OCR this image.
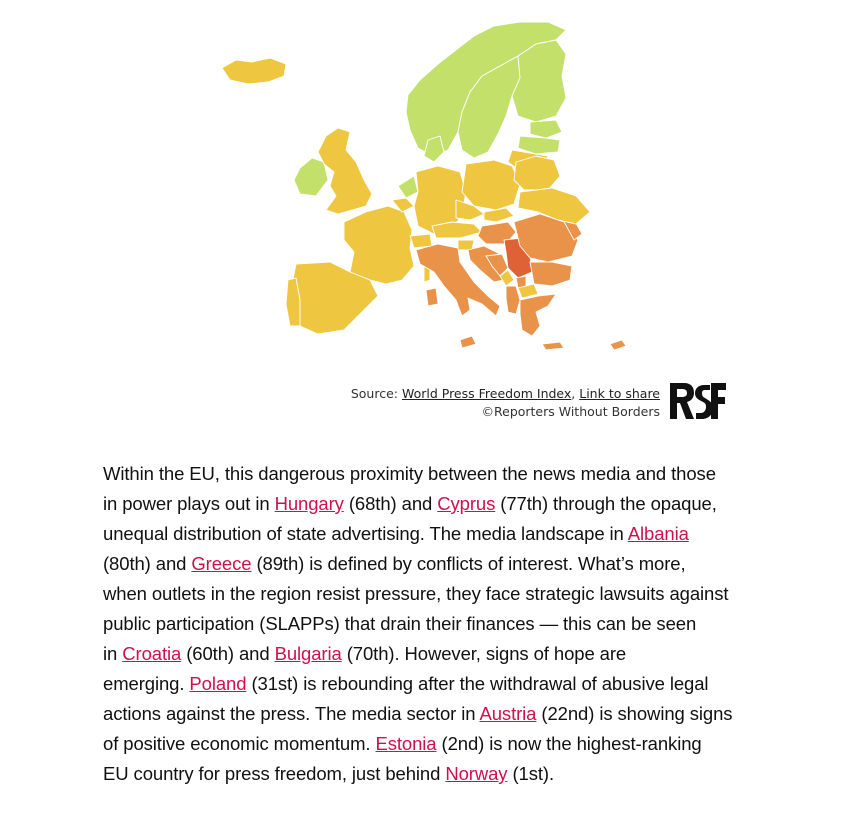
Source: World Press Freedom Index, Link to share
©Reporters Without Borders
Within the EU, this dangerous proximity between the news media and those
in power plays out in Hungary (68th) and Cyprus (77th) through the opaque,
unequal distribution of state advertising. The media landscape in Albania
(80th) and Greece (89th) is defined by conflicts of interest. What’s more,
when outlets in the region resist pressure, they face strategic lawsuits against
public participation (SLAPPs) that drain their finances — this can be seen
in Croatia (60th) and Bulgaria (70th). However, signs of hope are
emerging. Poland (31st) is rebounding after the withdrawal of abusive legal
actions against the press. The media sector in Austria (22nd) is showing signs
of positive economic momentum. Estonia (2nd) is now the highest-ranking
EU country for press freedom, just behind Norway (1st).
